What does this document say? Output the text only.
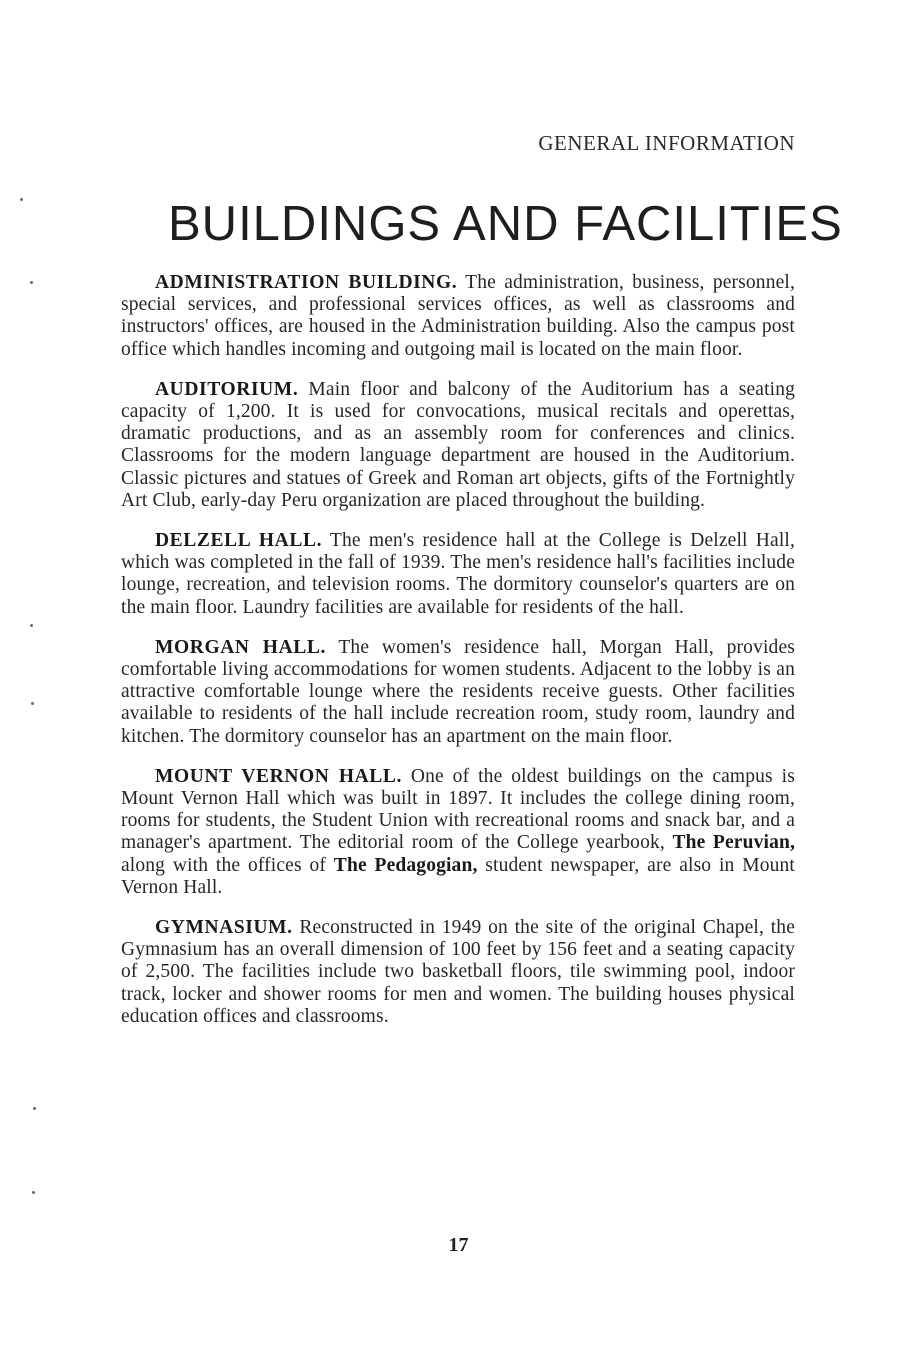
GENERAL INFORMATION
BUILDINGS AND FACILITIES

ADMINISTRATION BUILDING. The administration, business, personnel, special services, and professional services offices, as well as classrooms and instructors' offices, are housed in the Administration building. Also the campus post office which handles incoming and outgoing mail is located on the main floor.

AUDITORIUM. Main floor and balcony of the Auditorium has a seating capacity of 1,200. It is used for convocations, musical recitals and operettas, dramatic productions, and as an assembly room for conferences and clinics. Classrooms for the modern language department are housed in the Auditorium. Classic pictures and statues of Greek and Roman art objects, gifts of the Fortnightly Art Club, early-day Peru organization are placed throughout the building.

DELZELL HALL. The men's residence hall at the College is Delzell Hall, which was completed in the fall of 1939. The men's residence hall's facilities include lounge, recreation, and television rooms. The dormitory counselor's quarters are on the main floor. Laundry facilities are available for residents of the hall.

MORGAN HALL. The women's residence hall, Morgan Hall, provides comfortable living accommodations for women students. Adjacent to the lobby is an attractive comfortable lounge where the residents receive guests. Other facilities available to residents of the hall include recreation room, study room, laundry and kitchen. The dormitory counselor has an apartment on the main floor.

MOUNT VERNON HALL. One of the oldest buildings on the campus is Mount Vernon Hall which was built in 1897. It includes the college dining room, rooms for students, the Student Union with recreational rooms and snack bar, and a manager's apartment. The editorial room of the College yearbook, The Peruvian, along with the offices of The Pedagogian, student newspaper, are also in Mount Vernon Hall.

GYMNASIUM. Reconstructed in 1949 on the site of the original Chapel, the Gymnasium has an overall dimension of 100 feet by 156 feet and a seating capacity of 2,500. The facilities include two basketball floors, tile swimming pool, indoor track, locker and shower rooms for men and women. The building houses physical education offices and classrooms.

17
